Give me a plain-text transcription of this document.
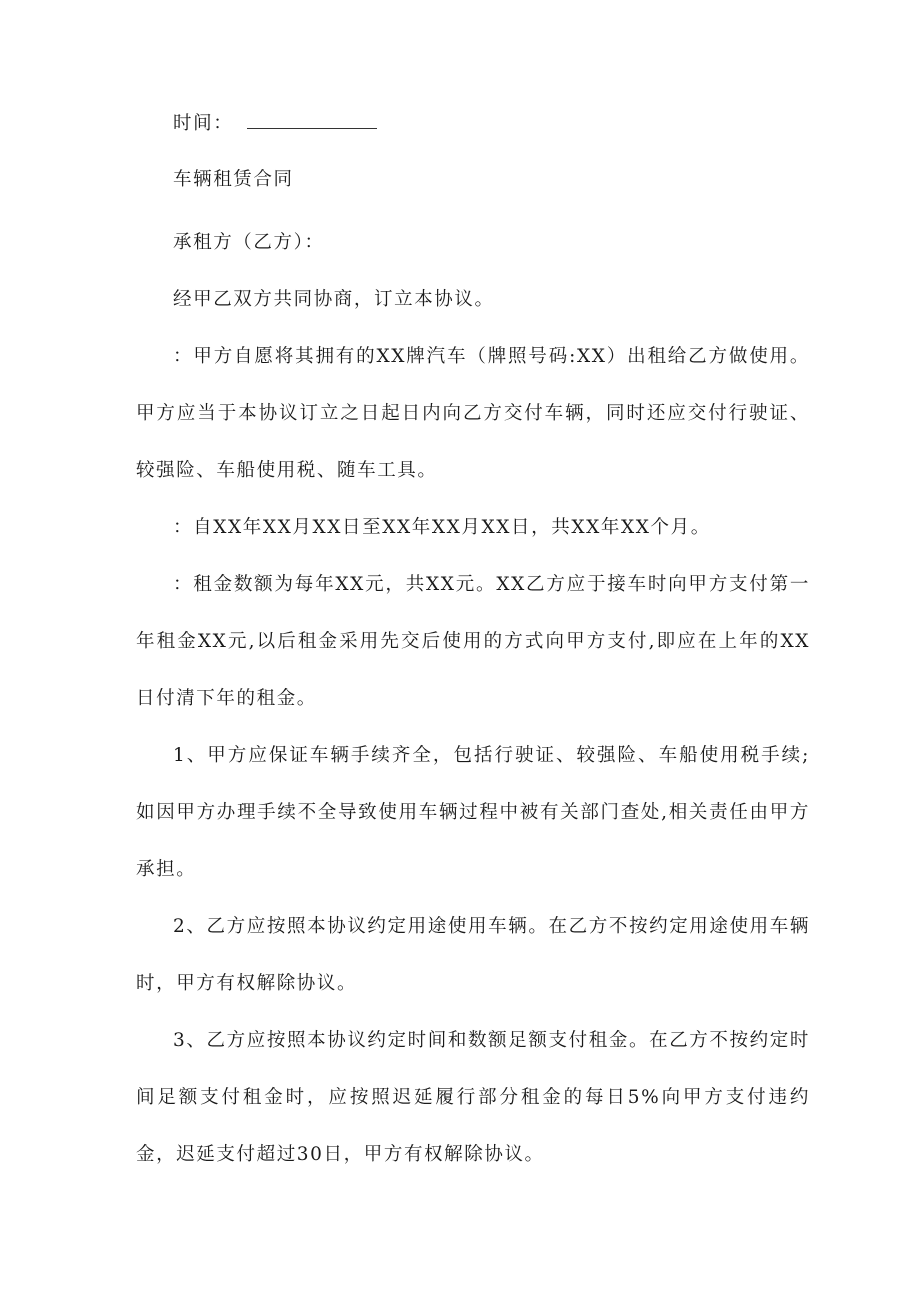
时间：

车辆租赁合同

承租方（乙方）：

经甲乙双方共同协商，订立本协议。

：甲方自愿将其拥有的XX牌汽车（牌照号码:XX）出租给乙方做使用。甲方应当于本协议订立之日起日内向乙方交付车辆，同时还应交付行驶证、较强险、车船使用税、随车工具。

：自XX年XX月XX日至XX年XX月XX日，共XX年XX个月。

：租金数额为每年XX元，共XX元。XX乙方应于接车时向甲方支付第一年租金XX元,以后租金采用先交后使用的方式向甲方支付,即应在上年的XX日付清下年的租金。

1、甲方应保证车辆手续齐全，包括行驶证、较强险、车船使用税手续;如因甲方办理手续不全导致使用车辆过程中被有关部门查处,相关责任由甲方承担。

2、乙方应按照本协议约定用途使用车辆。在乙方不按约定用途使用车辆时，甲方有权解除协议。

3、乙方应按照本协议约定时间和数额足额支付租金。在乙方不按约定时间足额支付租金时，应按照迟延履行部分租金的每日5%向甲方支付违约金，迟延支付超过30日，甲方有权解除协议。
